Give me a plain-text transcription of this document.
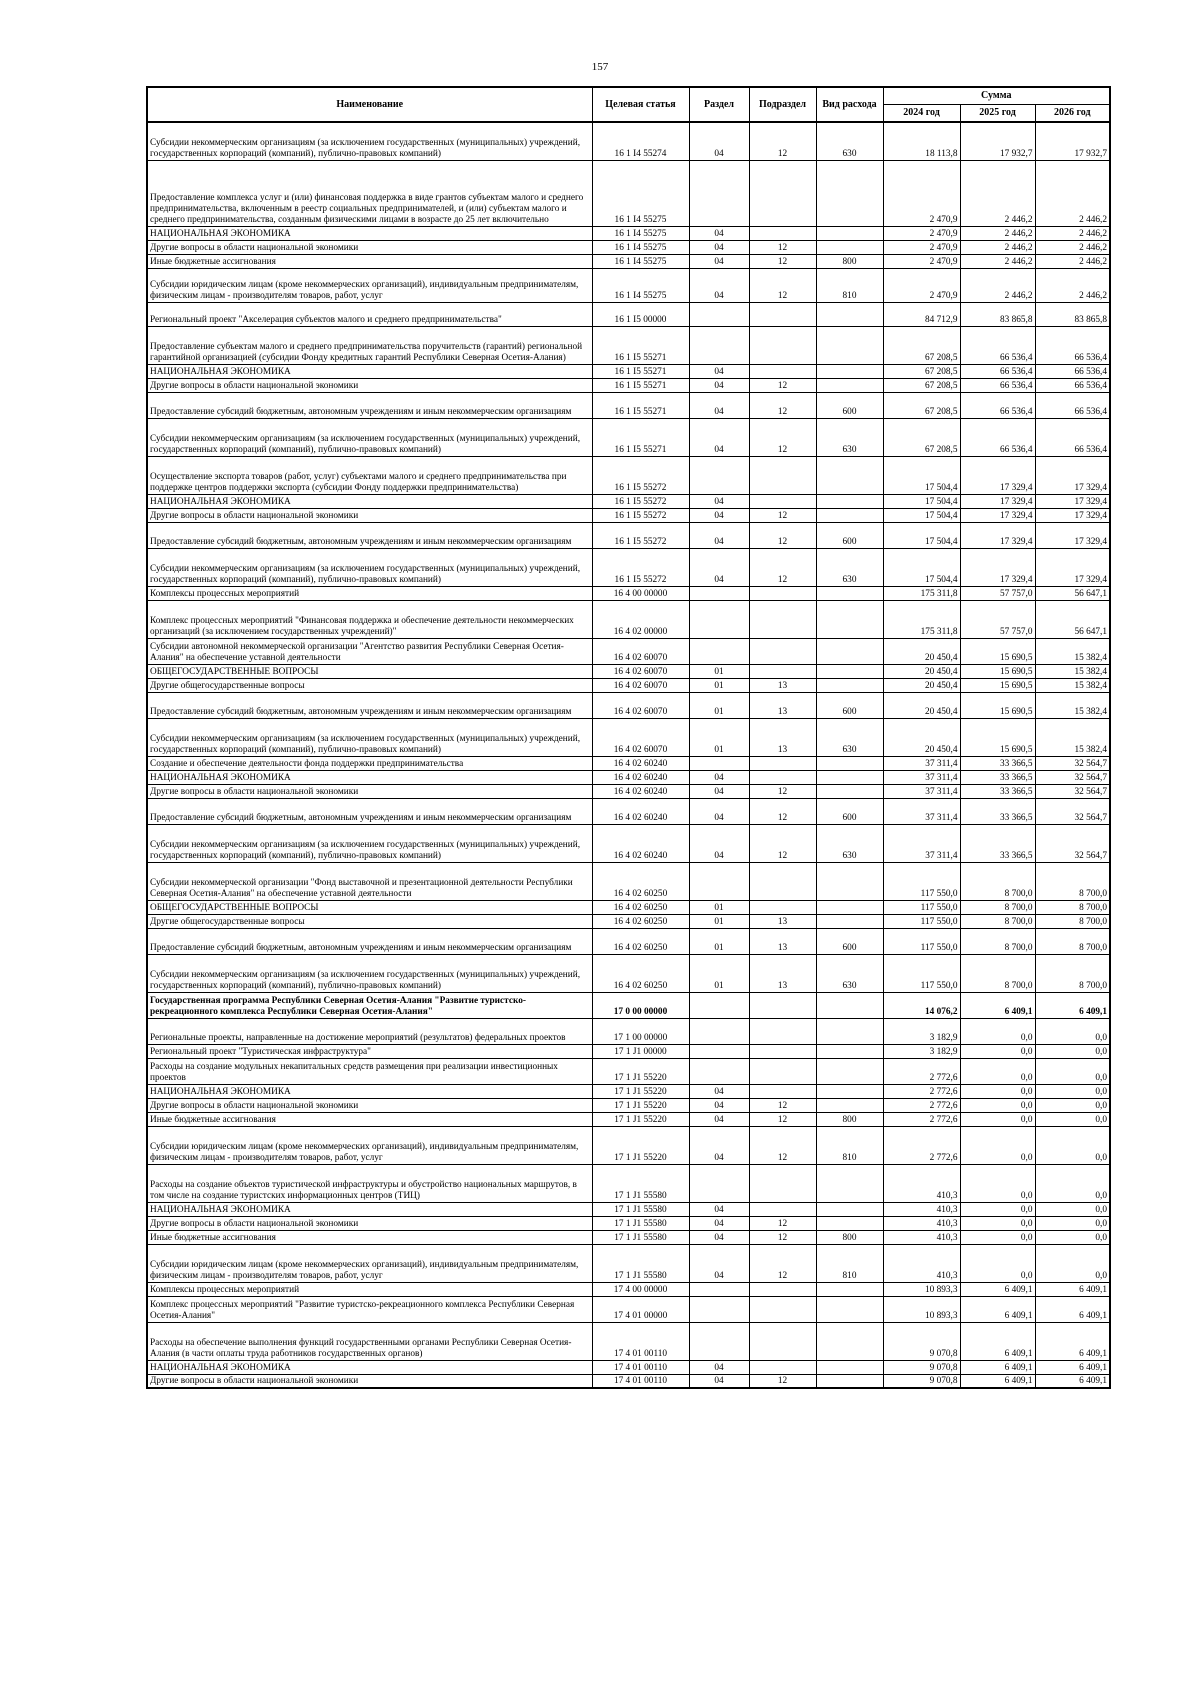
157
Наименование	Целевая статья	Раздел	Подраздел	Вид расхода	Сумма		
					2024 год	2025 год	2026 год
Субсидии некоммерческим организациям (за исключением государственных (муниципальных) учреждений, государственных корпораций (компаний), публично-правовых компаний)	16 1 I4 55274	04	12	630	18 113,8	17 932,7	17 932,7
Предоставление комплекса услуг и (или) финансовая поддержка в виде грантов субъектам малого и среднего предпринимательства, включенным в реестр социальных предпринимателей, и (или) субъектам малого и среднего предпринимательства, созданным физическими лицами в возрасте до 25 лет включительно	16 1 I4 55275				2 470,9	2 446,2	2 446,2
НАЦИОНАЛЬНАЯ ЭКОНОМИКА	16 1 I4 55275	04			2 470,9	2 446,2	2 446,2
Другие вопросы в области национальной экономики	16 1 I4 55275	04	12		2 470,9	2 446,2	2 446,2
Иные бюджетные ассигнования	16 1 I4 55275	04	12	800	2 470,9	2 446,2	2 446,2
Субсидии юридическим лицам (кроме некоммерческих организаций), индивидуальным предпринимателям, физическим лицам - производителям товаров, работ, услуг	16 1 I4 55275	04	12	810	2 470,9	2 446,2	2 446,2
Региональный проект "Акселерация субъектов малого и среднего предпринимательства"	16 1 I5 00000				84 712,9	83 865,8	83 865,8
Предоставление субъектам малого и среднего предпринимательства поручительств (гарантий) региональной гарантийной организацией (субсидии Фонду кредитных гарантий Республики Северная Осетия-Алания)	16 1 I5 55271				67 208,5	66 536,4	66 536,4
НАЦИОНАЛЬНАЯ ЭКОНОМИКА	16 1 I5 55271	04			67 208,5	66 536,4	66 536,4
Другие вопросы в области национальной экономики	16 1 I5 55271	04	12		67 208,5	66 536,4	66 536,4
Предоставление субсидий бюджетным, автономным учреждениям и иным некоммерческим организациям	16 1 I5 55271	04	12	600	67 208,5	66 536,4	66 536,4
Субсидии некоммерческим организациям (за исключением государственных (муниципальных) учреждений, государственных корпораций (компаний), публично-правовых компаний)	16 1 I5 55271	04	12	630	67 208,5	66 536,4	66 536,4
Осуществление экспорта товаров (работ, услуг) субъектами малого и среднего предпринимательства при поддержке центров поддержки экспорта (субсидии Фонду поддержки предпринимательства)	16 1 I5 55272				17 504,4	17 329,4	17 329,4
НАЦИОНАЛЬНАЯ ЭКОНОМИКА	16 1 I5 55272	04			17 504,4	17 329,4	17 329,4
Другие вопросы в области национальной экономики	16 1 I5 55272	04	12		17 504,4	17 329,4	17 329,4
Предоставление субсидий бюджетным, автономным учреждениям и иным некоммерческим организациям	16 1 I5 55272	04	12	600	17 504,4	17 329,4	17 329,4
Субсидии некоммерческим организациям (за исключением государственных (муниципальных) учреждений, государственных корпораций (компаний), публично-правовых компаний)	16 1 I5 55272	04	12	630	17 504,4	17 329,4	17 329,4
Комплексы процессных мероприятий	16 4 00 00000				175 311,8	57 757,0	56 647,1
Комплекс процессных мероприятий "Финансовая поддержка и обеспечение деятельности некоммерческих организаций (за исключением государственных учреждений)"	16 4 02 00000				175 311,8	57 757,0	56 647,1
Субсидии автономной некоммерческой организации "Агентство развития Республики Северная Осетия-Алания" на обеспечение уставной деятельности	16 4 02 60070				20 450,4	15 690,5	15 382,4
ОБЩЕГОСУДАРСТВЕННЫЕ ВОПРОСЫ	16 4 02 60070	01			20 450,4	15 690,5	15 382,4
Другие общегосударственные вопросы	16 4 02 60070	01	13		20 450,4	15 690,5	15 382,4
Предоставление субсидий бюджетным, автономным учреждениям и иным некоммерческим организациям	16 4 02 60070	01	13	600	20 450,4	15 690,5	15 382,4
Субсидии некоммерческим организациям (за исключением государственных (муниципальных) учреждений, государственных корпораций (компаний), публично-правовых компаний)	16 4 02 60070	01	13	630	20 450,4	15 690,5	15 382,4
Создание и обеспечение деятельности фонда поддержки предпринимательства	16 4 02 60240				37 311,4	33 366,5	32 564,7
НАЦИОНАЛЬНАЯ ЭКОНОМИКА	16 4 02 60240	04			37 311,4	33 366,5	32 564,7
Другие вопросы в области национальной экономики	16 4 02 60240	04	12		37 311,4	33 366,5	32 564,7
Предоставление субсидий бюджетным, автономным учреждениям и иным некоммерческим организациям	16 4 02 60240	04	12	600	37 311,4	33 366,5	32 564,7
Субсидии некоммерческим организациям (за исключением государственных (муниципальных) учреждений, государственных корпораций (компаний), публично-правовых компаний)	16 4 02 60240	04	12	630	37 311,4	33 366,5	32 564,7
Субсидии некоммерческой организации "Фонд выставочной и презентационной деятельности Республики Северная Осетия-Алания" на обеспечение уставной деятельности	16 4 02 60250				117 550,0	8 700,0	8 700,0
ОБЩЕГОСУДАРСТВЕННЫЕ ВОПРОСЫ	16 4 02 60250	01			117 550,0	8 700,0	8 700,0
Другие общегосударственные вопросы	16 4 02 60250	01	13		117 550,0	8 700,0	8 700,0
Предоставление субсидий бюджетным, автономным учреждениям и иным некоммерческим организациям	16 4 02 60250	01	13	600	117 550,0	8 700,0	8 700,0
Субсидии некоммерческим организациям (за исключением государственных (муниципальных) учреждений, государственных корпораций (компаний), публично-правовых компаний)	16 4 02 60250	01	13	630	117 550,0	8 700,0	8 700,0
Государственная программа Республики Северная Осетия-Алания "Развитие туристско-рекреационного комплекса Республики Северная Осетия-Алания"	17 0 00 00000				14 076,2	6 409,1	6 409,1
Региональные проекты, направленные на достижение мероприятий (результатов) федеральных проектов	17 1 00 00000				3 182,9	0,0	0,0
Региональный проект "Туристическая инфраструктура"	17 1 J1 00000				3 182,9	0,0	0,0
Расходы на создание модульных некапитальных средств размещения при реализации инвестиционных проектов	17 1 J1 55220				2 772,6	0,0	0,0
НАЦИОНАЛЬНАЯ ЭКОНОМИКА	17 1 J1 55220	04			2 772,6	0,0	0,0
Другие вопросы в области национальной экономики	17 1 J1 55220	04	12		2 772,6	0,0	0,0
Иные бюджетные ассигнования	17 1 J1 55220	04	12	800	2 772,6	0,0	0,0
Субсидии юридическим лицам (кроме некоммерческих организаций), индивидуальным предпринимателям, физическим лицам - производителям товаров, работ, услуг	17 1 J1 55220	04	12	810	2 772,6	0,0	0,0
Расходы на создание объектов туристической инфраструктуры и обустройство национальных маршрутов, в том числе на создание туристских информационных центров (ТИЦ)	17 1 J1 55580				410,3	0,0	0,0
НАЦИОНАЛЬНАЯ ЭКОНОМИКА	17 1 J1 55580	04			410,3	0,0	0,0
Другие вопросы в области национальной экономики	17 1 J1 55580	04	12		410,3	0,0	0,0
Иные бюджетные ассигнования	17 1 J1 55580	04	12	800	410,3	0,0	0,0
Субсидии юридическим лицам (кроме некоммерческих организаций), индивидуальным предпринимателям, физическим лицам - производителям товаров, работ, услуг	17 1 J1 55580	04	12	810	410,3	0,0	0,0
Комплексы процессных мероприятий	17 4 00 00000				10 893,3	6 409,1	6 409,1
Комплекс процессных мероприятий "Развитие туристско-рекреационного комплекса Республики Северная Осетия-Алания"	17 4 01 00000				10 893,3	6 409,1	6 409,1
Расходы на обеспечение выполнения функций государственными органами Республики Северная Осетия-Алания (в части оплаты труда работников государственных органов)	17 4 01 00110				9 070,8	6 409,1	6 409,1
НАЦИОНАЛЬНАЯ ЭКОНОМИКА	17 4 01 00110	04			9 070,8	6 409,1	6 409,1
Другие вопросы в области национальной экономики	17 4 01 00110	04	12		9 070,8	6 409,1	6 409,1
